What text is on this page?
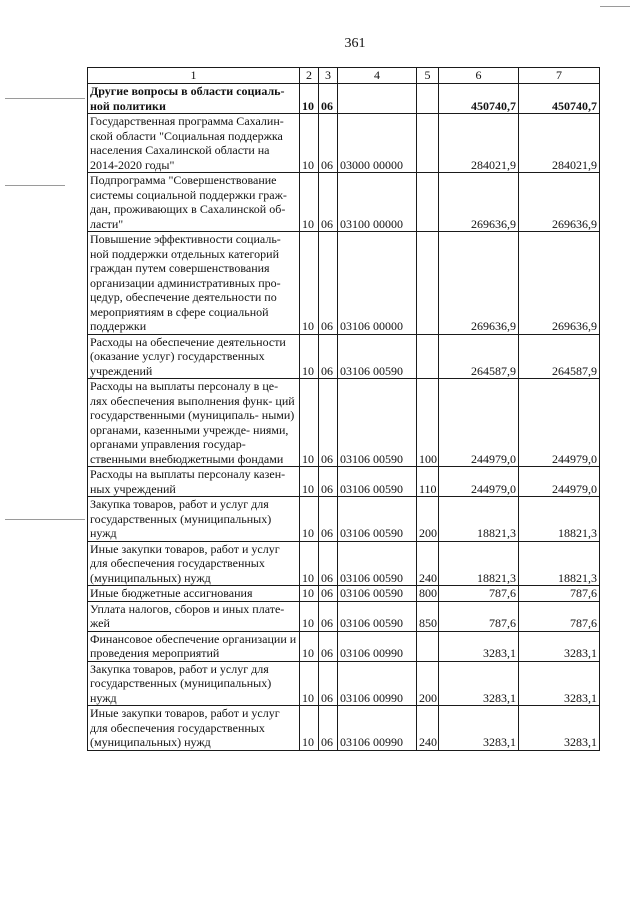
361
1	2	3	4	5	6	7
Другие вопросы в области социаль- ной политики	10	06			450740,7	450740,7
Государственная программа Сахалин- ской области "Социальная поддержка населения Сахалинской области на 2014-2020 годы"	10	06	03000 00000		284021,9	284021,9
Подпрограмма "Совершенствование системы социальной поддержки граж- дан, проживающих в Сахалинской об- ласти"	10	06	03100 00000		269636,9	269636,9
Повышение эффективности социаль- ной поддержки отдельных категорий граждан путем совершенствования организации административных про- цедур, обеспечение деятельности по мероприятиям в сфере социальной поддержки	10	06	03106 00000		269636,9	269636,9
Расходы на обеспечение деятельности (оказание услуг) государственных учреждений	10	06	03106 00590		264587,9	264587,9
Расходы на выплаты персоналу в це- лях обеспечения выполнения функ- ций государственными (муниципаль- ными) органами, казенными учрежде- ниями, органами управления государ- ственными внебюджетными фондами	10	06	03106 00590	100	244979,0	244979,0
Расходы на выплаты персоналу казен- ных учреждений	10	06	03106 00590	110	244979,0	244979,0
Закупка товаров, работ и услуг для государственных (муниципальных) нужд	10	06	03106 00590	200	18821,3	18821,3
Иные закупки товаров, работ и услуг для обеспечения государственных (муниципальных) нужд	10	06	03106 00590	240	18821,3	18821,3
Иные бюджетные ассигнования	10	06	03106 00590	800	787,6	787,6
Уплата налогов, сборов и иных плате- жей	10	06	03106 00590	850	787,6	787,6
Финансовое обеспечение организации и проведения мероприятий	10	06	03106 00990		3283,1	3283,1
Закупка товаров, работ и услуг для государственных (муниципальных) нужд	10	06	03106 00990	200	3283,1	3283,1
Иные закупки товаров, работ и услуг для обеспечения государственных (муниципальных) нужд	10	06	03106 00990	240	3283,1	3283,1
